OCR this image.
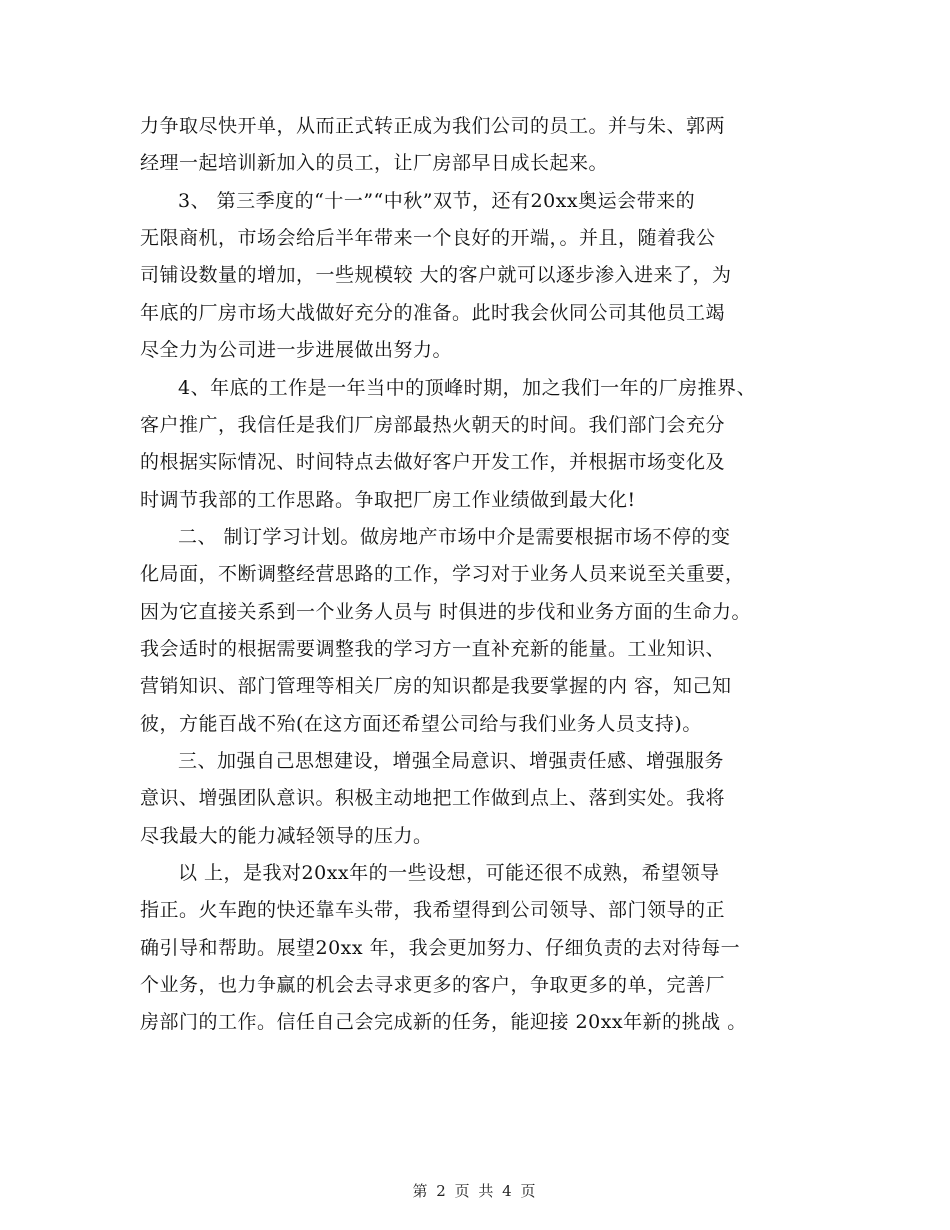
力争取尽快开单，从而正式转正成为我们公司的员工。并与朱、郭两
经理一起培训新加入的员工，让厂房部早日成长起来。
3、 第三季度的“十一”“中秋”双节，还有20xx奥运会带来的
无限商机，市场会给后半年带来一个良好的开端，。并且，随着我公
司铺设数量的增加，一些规模较 大的客户就可以逐步渗入进来了，为
年底的厂房市场大战做好充分的准备。此时我会伙同公司其他员工竭
尽全力为公司进一步进展做出努力。
4、年底的工作是一年当中的顶峰时期，加之我们一年的厂房推界、
客户推广，我信任是我们厂房部最热火朝天的时间。我们部门会充分
的根据实际情况、时间特点去做好客户开发工作，并根据市场变化及
时调节我部的工作思路。争取把厂房工作业绩做到最大化!
二、 制订学习计划。做房地产市场中介是需要根据市场不停的变
化局面，不断调整经营思路的工作，学习对于业务人员来说至关重要，
因为它直接关系到一个业务人员与 时俱进的步伐和业务方面的生命力。
我会适时的根据需要调整我的学习方一直补充新的能量。工业知识、
营销知识、部门管理等相关厂房的知识都是我要掌握的内 容，知己知
彼，方能百战不殆(在这方面还希望公司给与我们业务人员支持)。
三、加强自己思想建设，增强全局意识、增强责任感、增强服务
意识、增强团队意识。积极主动地把工作做到点上、落到实处。我将
尽我最大的能力减轻领导的压力。
以 上，是我对20xx年的一些设想，可能还很不成熟，希望领导
指正。火车跑的快还靠车头带，我希望得到公司领导、部门领导的正
确引导和帮助。展望20xx 年，我会更加努力、仔细负责的去对待每一
个业务，也力争赢的机会去寻求更多的客户，争取更多的单，完善厂
房部门的工作。信任自己会完成新的任务，能迎接 20xx年新的挑战 。
第 2 页 共 4 页
